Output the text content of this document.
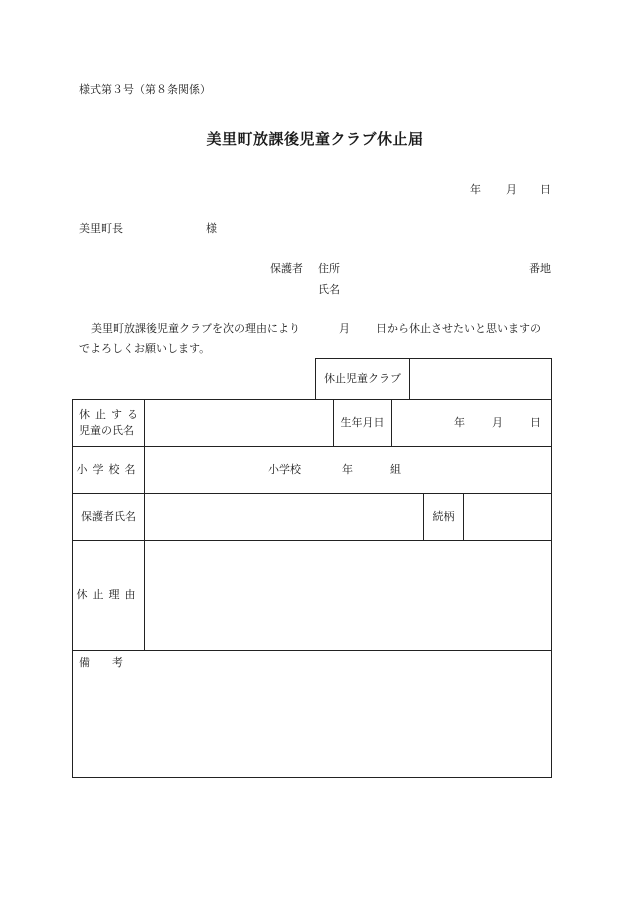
様式第３号（第８条関係）
美里町放課後児童クラブ休止届
年 月 日
美里町長	様
保護者 住所	番地
氏名
美里町放課後児童クラブを次の理由により	月 日から休止させたいと思いますの
でよろしくお願いします。
休止児童クラブ	
休止する
児童の氏名		生年月日	年 月 日		
小学校名	小学校 年 組				
保護者氏名				続柄	
休止理由					
備　　考					
